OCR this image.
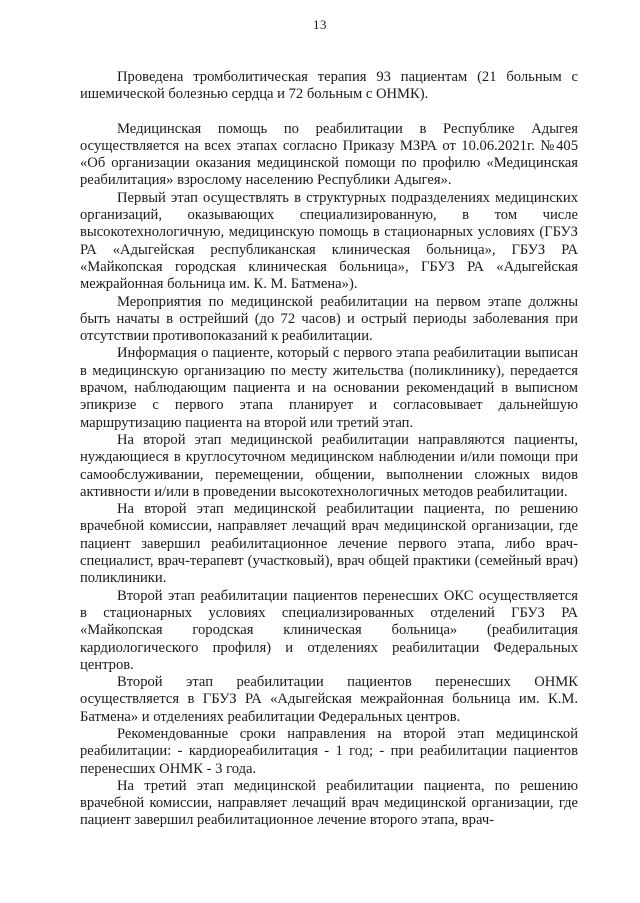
13

Проведена тромболитическая терапия 93 пациентам (21 больным с ишемической болезнью сердца и 72 больным с ОНМК).

Медицинская помощь по реабилитации в Республике Адыгея осуществляется на всех этапах согласно Приказу МЗРА от 10.06.2021г. №405 «Об организации оказания медицинской помощи по профилю «Медицинская реабилитация» взрослому населению Республики Адыгея».

Первый этап осуществлять в структурных подразделениях медицинских организаций, оказывающих специализированную, в том числе высокотехнологичную, медицинскую помощь в стационарных условиях (ГБУЗ РА «Адыгейская республиканская клиническая больница», ГБУЗ РА «Майкопская городская клиническая больница», ГБУЗ РА «Адыгейская межрайонная больница им. К. М. Батмена»).

Мероприятия по медицинской реабилитации на первом этапе должны быть начаты в острейший (до 72 часов) и острый периоды заболевания при отсутствии противопоказаний к реабилитации.

Информация о пациенте, который с первого этапа реабилитации выписан в медицинскую организацию по месту жительства (поликлинику), передается врачом, наблюдающим пациента и на основании рекомендаций в выписном эпикризе с первого этапа планирует и согласовывает дальнейшую маршрутизацию пациента на второй или третий этап.

На второй этап медицинской реабилитации направляются пациенты, нуждающиеся в круглосуточном медицинском наблюдении и/или помощи при самообслуживании, перемещении, общении, выполнении сложных видов активности и/или в проведении высокотехнологичных методов реабилитации.

На второй этап медицинской реабилитации пациента, по решению врачебной комиссии, направляет лечащий врач медицинской организации, где пациент завершил реабилитационное лечение первого этапа, либо врач-специалист, врач-терапевт (участковый), врач общей практики (семейный врач) поликлиники.

Второй этап реабилитации пациентов перенесших ОКС осуществляется в стационарных условиях специализированных отделений ГБУЗ РА «Майкопская городская клиническая больница» (реабилитация кардиологического профиля) и отделениях реабилитации Федеральных центров.

Второй этап реабилитации пациентов перенесших ОНМК осуществляется в ГБУЗ РА «Адыгейская межрайонная больница им. К.М. Батмена» и отделениях реабилитации Федеральных центров.

Рекомендованные сроки направления на второй этап медицинской реабилитации: - кардиореабилитация - 1 год; - при реабилитации пациентов перенесших ОНМК - 3 года.

На третий этап медицинской реабилитации пациента, по решению врачебной комиссии, направляет лечащий врач медицинской организации, где пациент завершил реабилитационное лечение второго этапа, врач-
